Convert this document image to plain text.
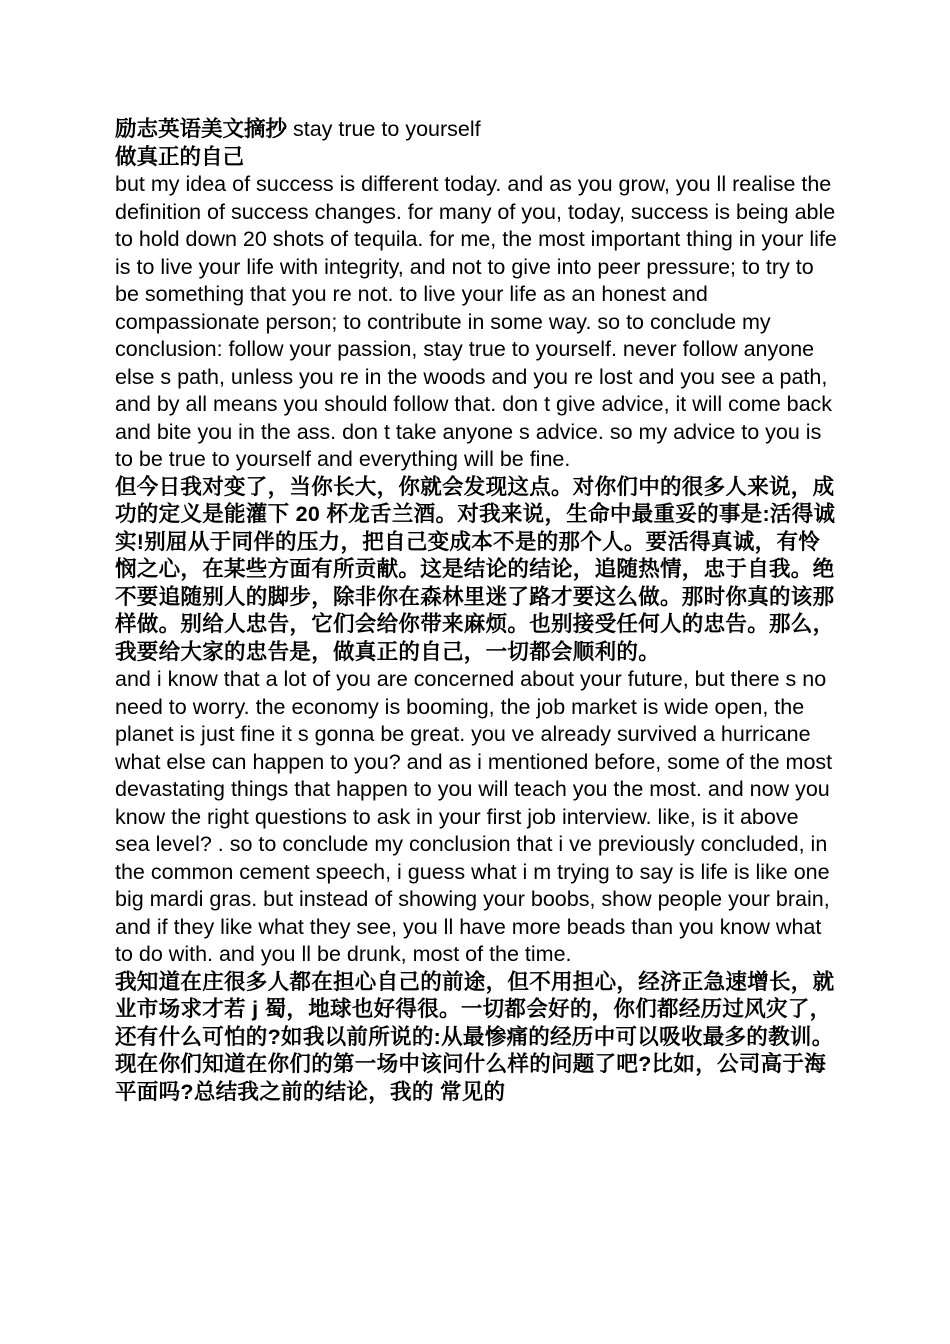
励志英语美文摘抄 stay true to yourself

做真正的自己

but my idea of success is different today. and as you grow, you ll realise the definition of success changes. for many of you, today, success is being able to hold down 20 shots of tequila. for me, the most important thing in your life is to live your life with integrity, and not to give into peer pressure; to try to be something that you re not. to live your life as an honest and compassionate person; to contribute in some way. so to conclude my conclusion: follow your passion, stay true to yourself. never follow anyone else s path, unless you re in the woods and you re lost and you see a path, and by all means you should follow that. don t give advice, it will come back and bite you in the ass. don t take anyone s advice. so my advice to you is to be true to yourself and everything will be fine.

但今日我对变了，当你长大，你就会发现这点。对你们中的很多人来说，成功的定义是能灌下 20 杯龙舌兰酒。对我来说，生命中最重妥的事是:活得诚实!别屈从于同伴的压力，把自己变成本不是的那个人。要活得真诚，有怜悯之心，在某些方面有所贡献。这是结论的结论，追随热情，忠于自我。绝不要追随别人的脚步，除非你在森林里迷了路才要这么做。那时你真的该那样做。别给人忠告，它们会给你带来麻烦。也别接受任何人的忠告。那么，我要给大家的忠告是，做真正的自己，一切都会顺利的。

and i know that a lot of you are concerned about your future, but there s no need to worry. the economy is booming, the job market is wide open, the planet is just fine it s gonna be great. you ve already survived a hurricane what else can happen to you? and as i mentioned before, some of the most devastating things that happen to you will teach you the most. and now you know the right questions to ask in your first job interview. like, is it above sea level? . so to conclude my conclusion that i ve previously concluded, in the common cement speech, i guess what i m trying to say is life is like one big mardi gras. but instead of showing your boobs, show people your brain, and if they like what they see, you ll have more beads than you know what to do with. and you ll be drunk, most of the time.

我知道在庄很多人都在担心自己的前途，但不用担心，经济正急速增长，就业市场求才若 j 蜀，地球也好得很。一切都会好的，你们都经历过风灾了，还有什么可怕的?如我以前所说的:从最惨痛的经历中可以吸收最多的教训。现在你们知道在你们的第一场中该问什么样的问题了吧?比如，公司高于海平面吗?总结我之前的结论，我的 常见的
